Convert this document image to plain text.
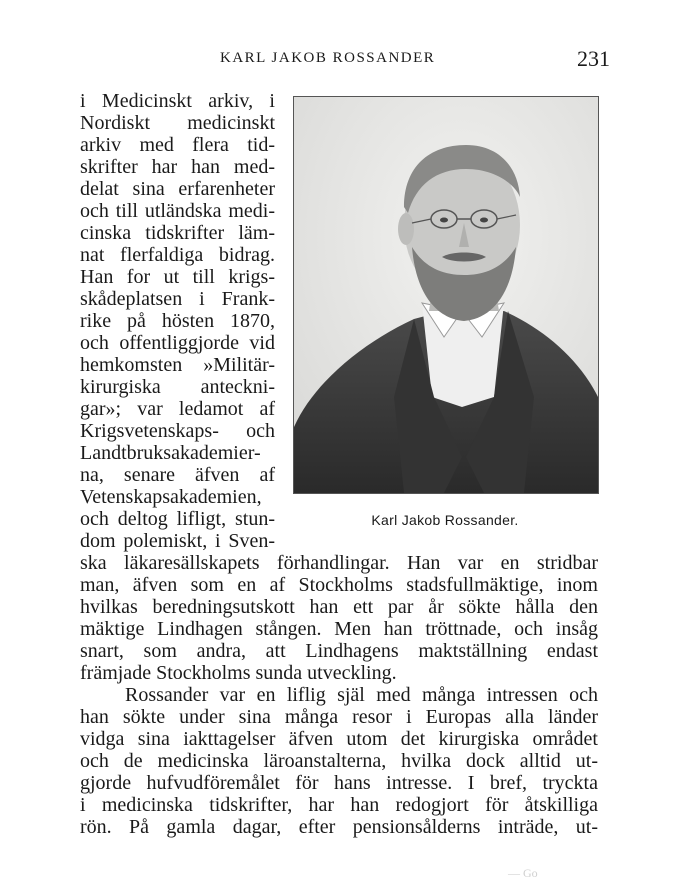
KARL JAKOB ROSSANDER	231
Karl Jakob Rossander.
i Medicinskt arkiv, i
Nordiskt medicinskt
arkiv med flera tid-
skrifter har han med-
delat sina erfarenheter
och till utländska medi-
cinska tidskrifter läm-
nat flerfaldiga bidrag.
Han for ut till krigs-
skådeplatsen i Frank-
rike på hösten 1870,
och offentliggjorde vid
hemkomsten »Militär-
kirurgiska anteckni-
gar»; var ledamot af
Krigsvetenskaps- och
Landtbruksakademier-
na, senare äfven af
Vetenskapsakademien,
och deltog lifligt, stun-
dom polemiskt, i Sven-
ska läkaresällskapets förhandlingar. Han var en stridbar
man, äfven som en af Stockholms stadsfullmäktige, inom
hvilkas beredningsutskott han ett par år sökte hålla den
mäktige Lindhagen stången. Men han tröttnade, och insåg
snart, som andra, att Lindhagens maktställning endast
främjade Stockholms sunda utveckling.
Rossander var en liflig själ med många intressen och
han sökte under sina många resor i Europas alla länder
vidga sina iakttagelser äfven utom det kirurgiska området
och de medicinska läroanstalterna, hvilka dock alltid ut-
gjorde hufvudföremålet för hans intresse. I bref, tryckta
i medicinska tidskrifter, har han redogjort för åtskilliga
rön. På gamla dagar, efter pensionsålderns inträde, ut-
— Go
